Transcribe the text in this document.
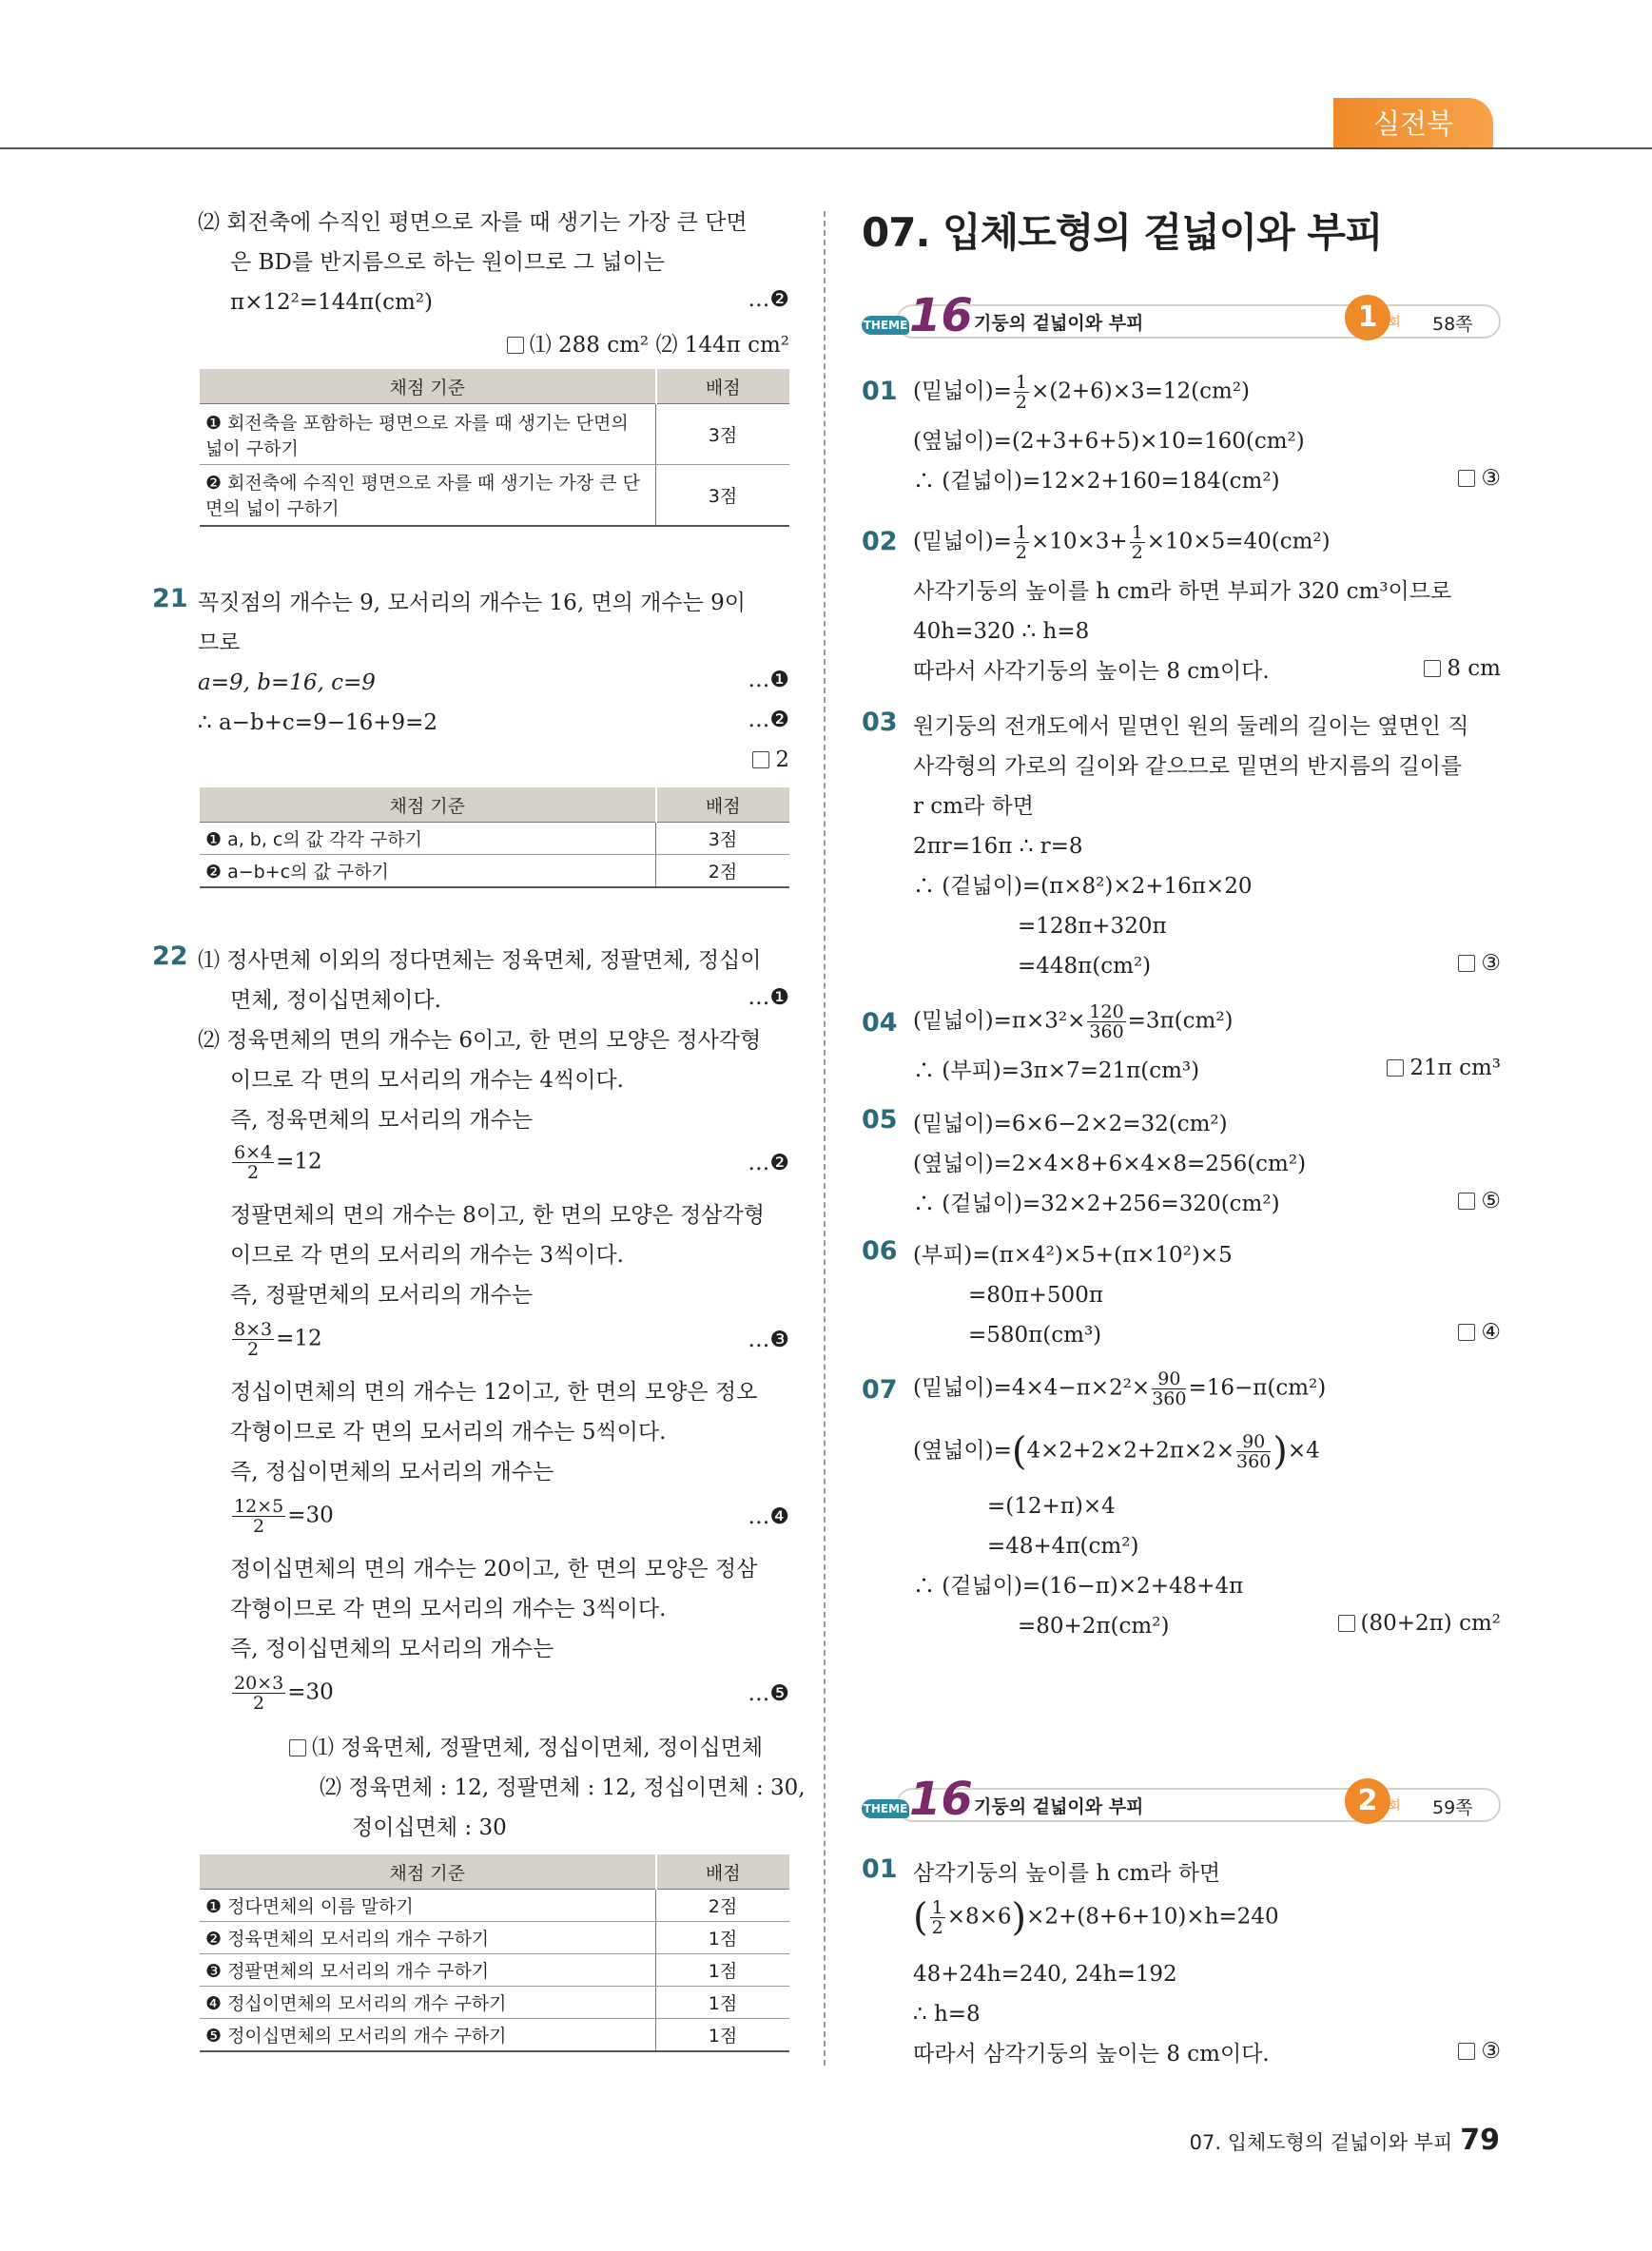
실전북
⑵ 회전축에 수직인 평면으로 자를 때 생기는 가장 큰 단면
은 BD를 반지름으로 하는 원이므로 그 넓이는
π×12²=144π(cm²)	…❷
⑴ 288 cm² ⑵ 144π cm²
채점 기준	배점
❶ 회전축을 포함하는 평면으로 자를 때 생기는 단면의 넓이 구하기	3점
❷ 회전축에 수직인 평면으로 자를 때 생기는 가장 큰 단면의 넓이 구하기	3점
21 꼭짓점의 개수는 9, 모서리의 개수는 16, 면의 개수는 9이
므로
a=9, b=16, c=9	…❶
∴ a−b+c=9−16+9=2	…❷
2
채점 기준	배점
❶ a, b, c의 값 각각 구하기	3점
❷ a−b+c의 값 구하기	2점
22 ⑴ 정사면체 이외의 정다면체는 정육면체, 정팔면체, 정십이
면체, 정이십면체이다.	…❶
⑵ 정육면체의 면의 개수는 6이고, 한 면의 모양은 정사각형
이므로 각 면의 모서리의 개수는 4씩이다.
즉, 정육면체의 모서리의 개수는
$\frac{6\times 4}{2} =12$	…❷
정팔면체의 면의 개수는 8이고, 한 면의 모양은 정삼각형
이므로 각 면의 모서리의 개수는 3씩이다.
즉, 정팔면체의 모서리의 개수는
$\frac{8\times 3}{2} =12$	…❸
정십이면체의 면의 개수는 12이고, 한 면의 모양은 정오
각형이므로 각 면의 모서리의 개수는 5씩이다.
즉, 정십이면체의 모서리의 개수는
$\frac{12\times 5}{2} =30$	…❹
정이십면체의 면의 개수는 20이고, 한 면의 모양은 정삼
각형이므로 각 면의 모서리의 개수는 3씩이다.
즉, 정이십면체의 모서리의 개수는
$\frac{20\times 3}{2} =30$	…❺
⑴ 정육면체, 정팔면체, 정십이면체, 정이십면체
⑵ 정육면체 : 12, 정팔면체 : 12, 정십이면체 : 30,
정이십면체 : 30
채점 기준	배점
❶ 정다면체의 이름 말하기	2점
❷ 정육면체의 모서리의 개수 구하기	1점
❸ 정팔면체의 모서리의 개수 구하기	1점
❹ 정십이면체의 모서리의 개수 구하기	1점
❺ 정이십면체의 모서리의 개수 구하기	1점
07. 입체도형의 겉넓이와 부피
THEME 16 기둥의 겉넓이와 부피	1 회 58쪽
01 (밑넓이)= $\frac{1}{2} \times(2+6)\times 3=12(cm^2)$
(옆넓이)=(2+3+6+5)×10=160(cm²)
∴ (겉넓이)=12×2+160=184(cm²)	③
02 (밑넓이)= $\frac{1}{2} \times 10\times 3+ \frac{1}{2} \times 10\times 5=40(cm^2)$
사각기둥의 높이를 h cm라 하면 부피가 320 cm³이므로
40h=320 ∴ h=8
따라서 사각기둥의 높이는 8 cm이다.	8 cm
03 원기둥의 전개도에서 밑면인 원의 둘레의 길이는 옆면인 직
사각형의 가로의 길이와 같으므로 밑면의 반지름의 길이를
r cm라 하면
2πr=16π ∴ r=8
∴ (겉넓이)=(π×8²)×2+16π×20
=128π+320π
=448π(cm²)	③
04 (밑넓이)$=\pi\times 3^2\times \frac{120}{360} =3\pi(cm^2)$
∴ (부피)=3π×7=21π(cm³)	21π cm³
05 (밑넓이)=6×6−2×2=32(cm²)
(옆넓이)=2×4×8+6×4×8=256(cm²)
∴ (겉넓이)=32×2+256=320(cm²)	⑤
06 (부피)=(π×4²)×5+(π×10²)×5
=80π+500π
=580π(cm³)	④
07 (밑넓이)$=4\times 4-\pi\times 2^2\times \frac{90}{360} =16-\pi(cm^2)$
(옆넓이)$=(4\times 2+2\times 2+2\pi\times 2\times \frac{90}{360} )\times 4$
=(12+π)×4
=48+4π(cm²)
∴ (겉넓이)=(16−π)×2+48+4π
=80+2π(cm²)	(80+2π) cm²
THEME 16 기둥의 겉넓이와 부피	2 회 59쪽
01 삼각기둥의 높이를 h cm라 하면
( $\frac{1}{2} \times 8\times 6)\times 2+(8+6+10)\times h=240$
48+24h=240, 24h=192
∴ h=8
따라서 삼각기둥의 높이는 8 cm이다.	③
07. 입체도형의 겉넓이와 부피 79
